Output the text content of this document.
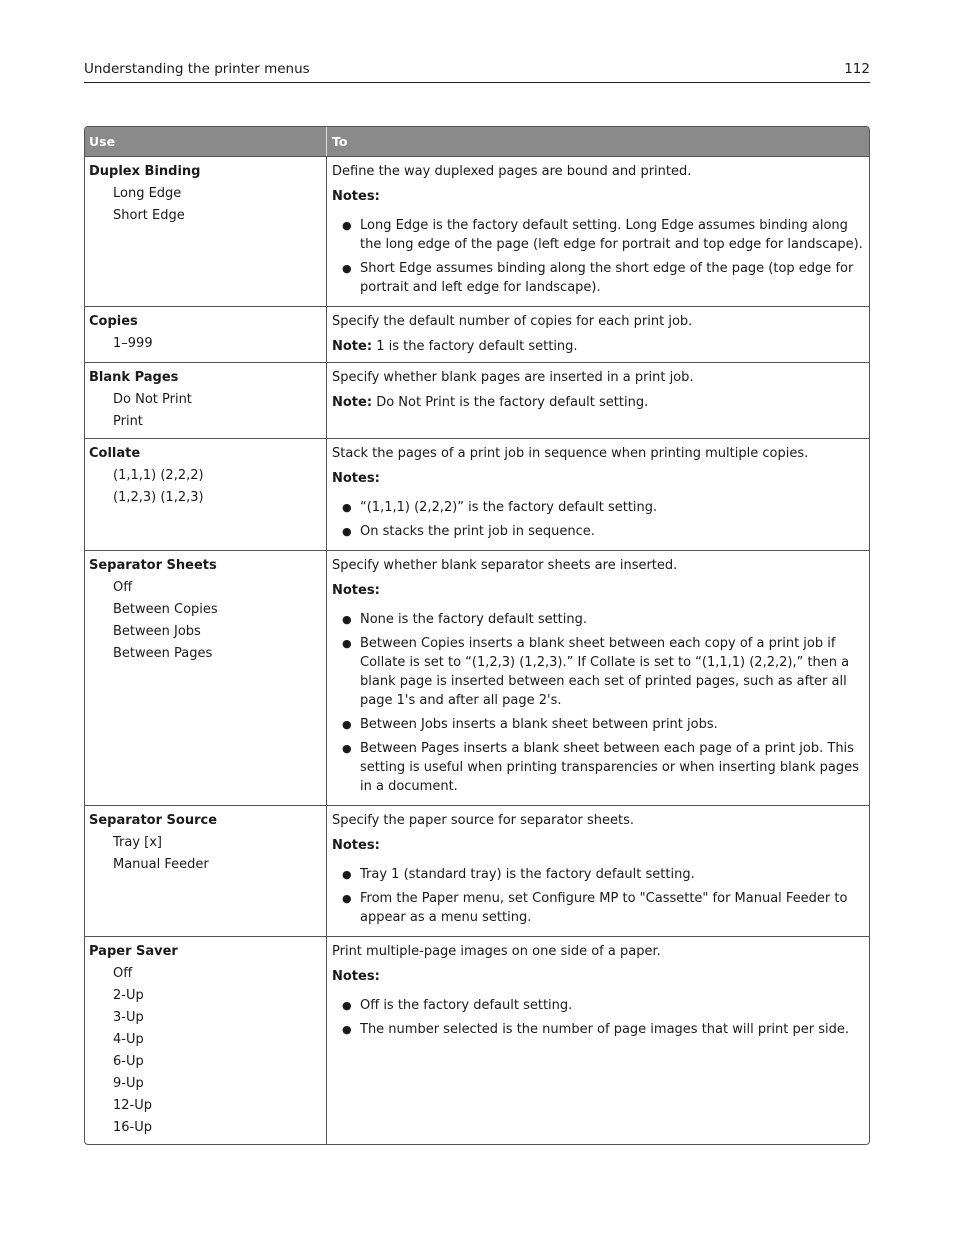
Understanding the printer menus	112
Use	To
Duplex Binding
Long Edge
Short Edge
Define the way duplexed pages are bound and printed.
Notes:
● Long Edge is the factory default setting. Long Edge assumes binding along the long edge of the page (left edge for portrait and top edge for landscape).
● Short Edge assumes binding along the short edge of the page (top edge for portrait and left edge for landscape).
Copies
1–999
Specify the default number of copies for each print job.
Note: 1 is the factory default setting.
Blank Pages
Do Not Print
Print
Specify whether blank pages are inserted in a print job.
Note: Do Not Print is the factory default setting.
Collate
(1,1,1) (2,2,2)
(1,2,3) (1,2,3)
Stack the pages of a print job in sequence when printing multiple copies.
Notes:
● “(1,1,1) (2,2,2)” is the factory default setting.
● On stacks the print job in sequence.
Separator Sheets
Off
Between Copies
Between Jobs
Between Pages
Specify whether blank separator sheets are inserted.
Notes:
● None is the factory default setting.
● Between Copies inserts a blank sheet between each copy of a print job if Collate is set to “(1,2,3) (1,2,3).” If Collate is set to “(1,1,1) (2,2,2),” then a blank page is inserted between each set of printed pages, such as after all page 1's and after all page 2's.
● Between Jobs inserts a blank sheet between print jobs.
● Between Pages inserts a blank sheet between each page of a print job. This setting is useful when printing transparencies or when inserting blank pages in a document.
Separator Source
Tray [x]
Manual Feeder
Specify the paper source for separator sheets.
Notes:
● Tray 1 (standard tray) is the factory default setting.
● From the Paper menu, set Configure MP to "Cassette" for Manual Feeder to appear as a menu setting.
Paper Saver
Off
2-Up
3-Up
4-Up
6-Up
9-Up
12-Up
16-Up
Print multiple-page images on one side of a paper.
Notes:
● Off is the factory default setting.
● The number selected is the number of page images that will print per side.
